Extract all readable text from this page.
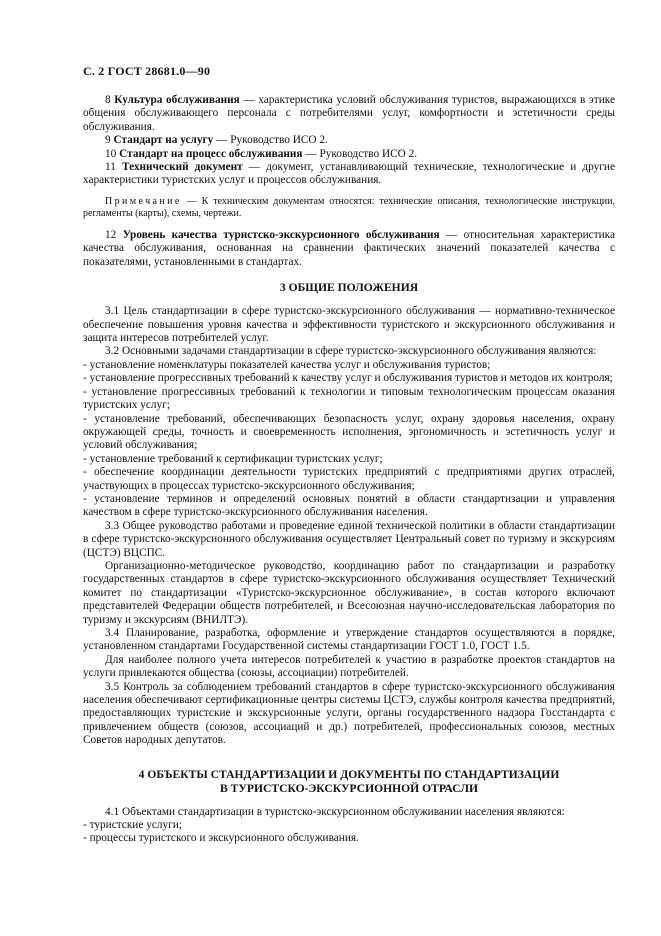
С. 2 ГОСТ 28681.0—90

8 Культура обслуживания — характеристика условий обслуживания туристов, выражающихся в этике общения обслуживающего персонала с потребителями услуг, комфортности и эстетичности среды обслуживания.

9 Стандарт на услугу — Руководство ИСО 2.

10 Стандарт на процесс обслуживания — Руководство ИСО 2.

11 Технический документ — документ, устанавливающий технические, технологические и другие характеристики туристских услуг и процессов обслуживания.

Примечание — К техническим документам относятся: технические описания, технологические инструкции, регламенты (карты), схемы, чертежи.

12 Уровень качества туристско-экскурсионного обслуживания — относительная характеристика качества обслуживания, основанная на сравнении фактических значений показателей качества с показателями, установленными в стандартах.

3 ОБЩИЕ ПОЛОЖЕНИЯ

3.1 Цель стандартизации в сфере туристско-экскурсионного обслуживания — нормативно-техническое обеспечение повышения уровня качества и эффективности туристского и экскурсионного обслуживания и защита интересов потребителей услуг.

3.2 Основными задачами стандартизации в сфере туристско-экскурсионного обслуживания являются:

- установление номенклатуры показателей качества услуг и обслуживания туристов;

- установление прогрессивных требований к качеству услуг и обслуживания туристов и методов их контроля;

- установление прогрессивных требований к технологии и типовым технологическим процессам оказания туристских услуг;

- установление требований, обеспечивающих безопасность услуг, охрану здоровья населения, охрану окружающей среды, точность и своевременность исполнения, эргономичность и эстетичность услуг и условий обслуживания;

- установление требований к сертификации туристских услуг;

- обеспечение координации деятельности туристских предприятий с предприятиями других отраслей, участвующих в процессах туристско-экскурсионного обслуживания;

- установление терминов и определений основных понятий в области стандартизации и управления качеством в сфере туристско-экскурсионного обслуживания населения.

3.3 Общее руководство работами и проведение единой технической политики в области стандартизации в сфере туристско-экскурсионного обслуживания осуществляет Центральный совет по туризму и экскурсиям (ЦСТЭ) ВЦСПС.

Организационно-методическое руководство, координацию работ по стандартизации и разработку государственных стандартов в сфере туристско-экскурсионного обслуживания осуществляет Технический комитет по стандартизации «Туристско-экскурсионное обслуживание», в состав которого включают представителей Федерации обществ потребителей, и Всесоюзная научно-исследовательская лаборатория по туризму и экскурсиям (ВНИЛТЭ).

3.4 Планирование, разработка, оформление и утверждение стандартов осуществляются в порядке, установленном стандартами Государственной системы стандартизации ГОСТ 1.0, ГОСТ 1.5.

Для наиболее полного учета интересов потребителей к участию в разработке проектов стандартов на услуги привлекаются общества (союзы, ассоциации) потребителей.

3.5 Контроль за соблюдением требований стандартов в сфере туристско-экскурсионного обслуживания населения обеспечивают сертификационные центры системы ЦСТЭ, службы контроля качества предприятий, предоставляющих туристские и экскурсионные услуги, органы государственного надзора Госстандарта с привлечением обществ (союзов, ассоциаций и др.) потребителей, профессиональных союзов, местных Советов народных депутатов.

4 ОБЪЕКТЫ СТАНДАРТИЗАЦИИ И ДОКУМЕНТЫ ПО СТАНДАРТИЗАЦИИ
В ТУРИСТСКО-ЭКСКУРСИОННОЙ ОТРАСЛИ

4.1 Объектами стандартизации в туристско-экскурсионном обслуживании населения являются:

- туристские услуги;

- процессы туристского и экскурсионного обслуживания.
